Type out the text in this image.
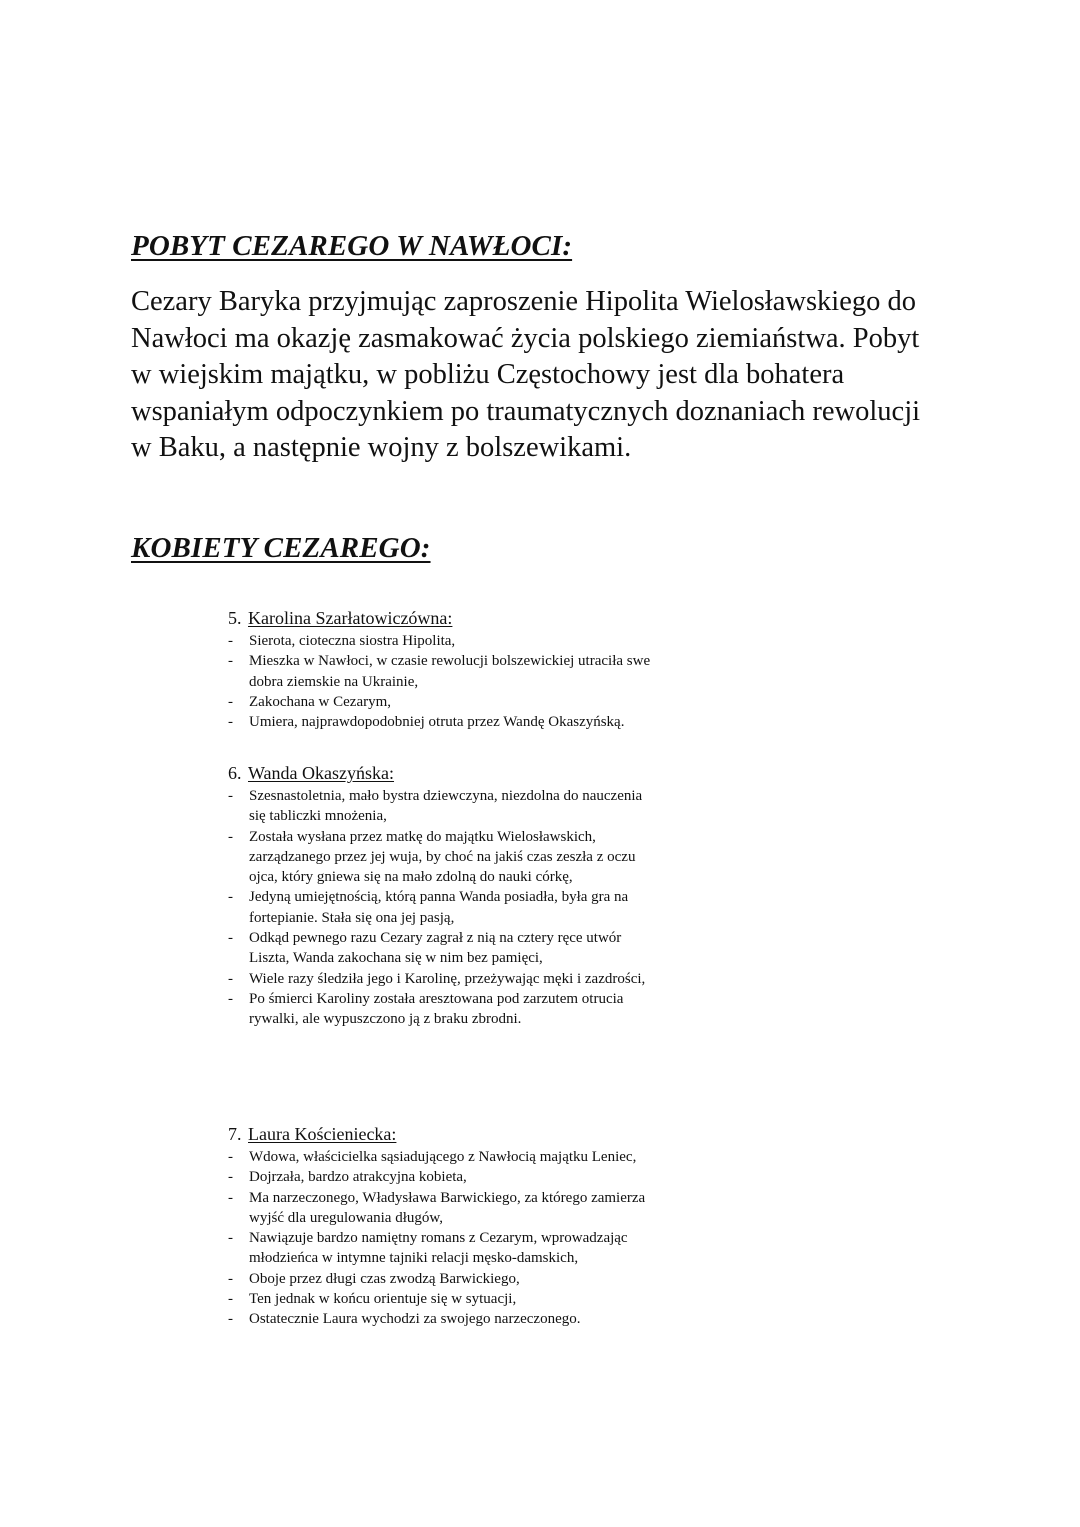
POBYT CEZAREGO W NAWŁOCI:

Cezary Baryka przyjmując zaproszenie Hipolita Wielosławskiego do
Nawłoci ma okazję zasmakować życia polskiego ziemiaństwa. Pobyt
w wiejskim majątku, w pobliżu Częstochowy jest dla bohatera
wspaniałym odpoczynkiem po traumatycznych doznaniach rewolucji
w Baku, a następnie wojny z bolszewikami.

KOBIETY CEZAREGO:
5. Karolina Szarłatowiczówna:
- Sierota, cioteczna siostra Hipolita,
- Mieszka w Nawłoci, w czasie rewolucji bolszewickiej utraciła swe
dobra ziemskie na Ukrainie,
- Zakochana w Cezarym,
- Umiera, najprawdopodobniej otruta przez Wandę Okaszyńską.
6. Wanda Okaszyńska:
- Szesnastoletnia, mało bystra dziewczyna, niezdolna do nauczenia
się tabliczki mnożenia,
- Została wysłana przez matkę do majątku Wielosławskich,
zarządzanego przez jej wuja, by choć na jakiś czas zeszła z oczu
ojca, który gniewa się na mało zdolną do nauki córkę,
- Jedyną umiejętnością, którą panna Wanda posiadła, była gra na
fortepianie. Stała się ona jej pasją,
- Odkąd pewnego razu Cezary zagrał z nią na cztery ręce utwór
Liszta, Wanda zakochana się w nim bez pamięci,
- Wiele razy śledziła jego i Karolinę, przeżywając męki i zazdrości,
- Po śmierci Karoliny została aresztowana pod zarzutem otrucia
rywalki, ale wypuszczono ją z braku zbrodni.
7. Laura Kościeniecka:
- Wdowa, właścicielka sąsiadującego z Nawłocią majątku Leniec,
- Dojrzała, bardzo atrakcyjna kobieta,
- Ma narzeczonego, Władysława Barwickiego, za którego zamierza
wyjść dla uregulowania długów,
- Nawiązuje bardzo namiętny romans z Cezarym, wprowadzając
młodzieńca w intymne tajniki relacji męsko-damskich,
- Oboje przez długi czas zwodzą Barwickiego,
- Ten jednak w końcu orientuje się w sytuacji,
- Ostatecznie Laura wychodzi za swojego narzeczonego.
